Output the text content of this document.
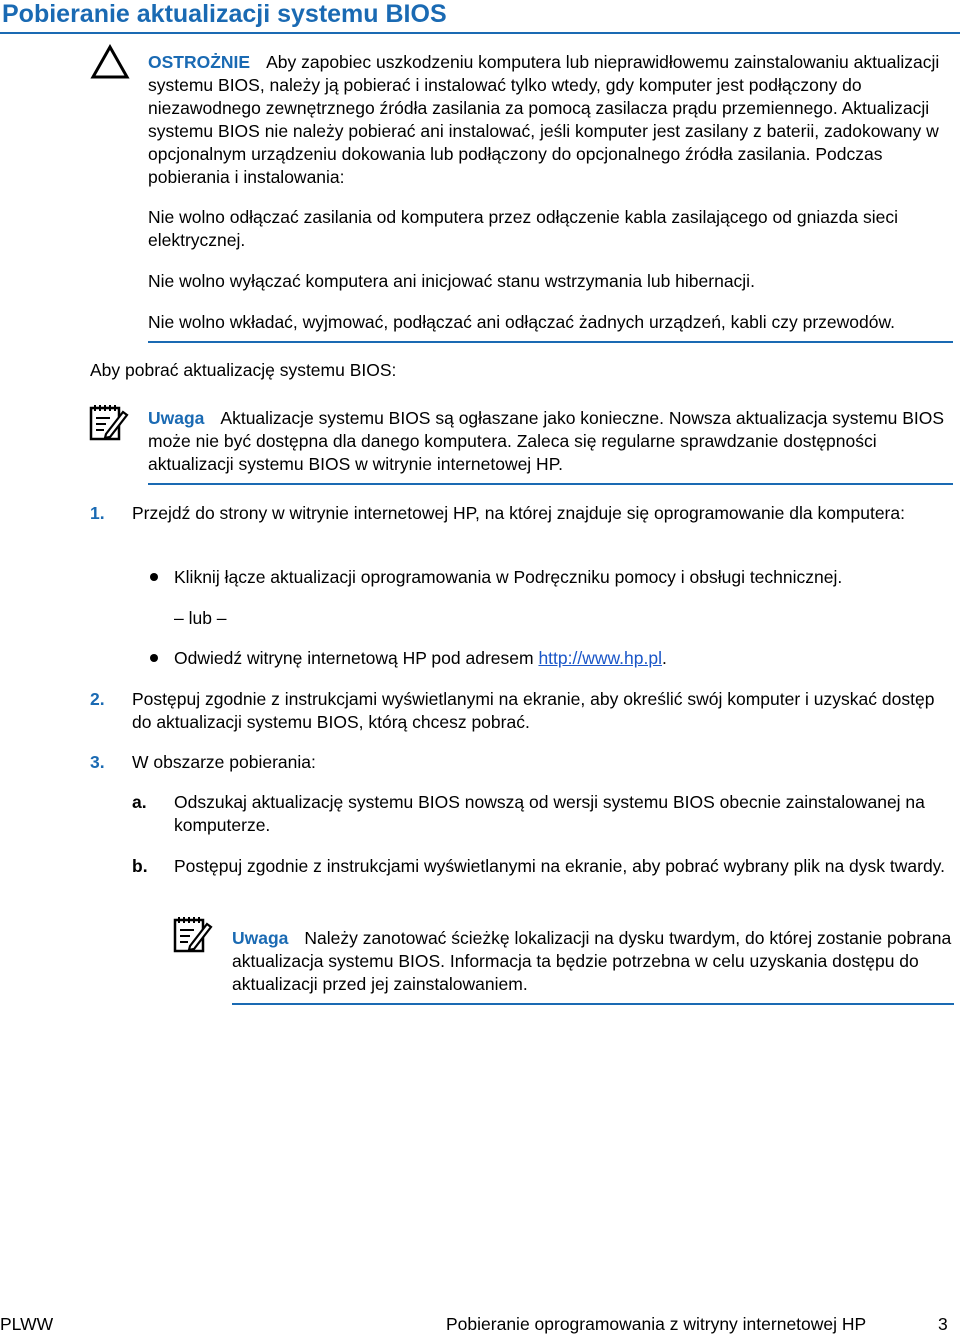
Pobieranie aktualizacji systemu BIOS
OSTROŻNIE Aby zapobiec uszkodzeniu komputera lub nieprawidłowemu zainstalowaniu aktualizacji systemu BIOS, należy ją pobierać i instalować tylko wtedy, gdy komputer jest podłączony do niezawodnego zewnętrznego źródła zasilania za pomocą zasilacza prądu przemiennego. Aktualizacji systemu BIOS nie należy pobierać ani instalować, jeśli komputer jest zasilany z baterii, zadokowany w opcjonalnym urządzeniu dokowania lub podłączony do opcjonalnego źródła zasilania. Podczas pobierania i instalowania:
Nie wolno odłączać zasilania od komputera przez odłączenie kabla zasilającego od gniazda sieci elektrycznej.
Nie wolno wyłączać komputera ani inicjować stanu wstrzymania lub hibernacji.
Nie wolno wkładać, wyjmować, podłączać ani odłączać żadnych urządzeń, kabli czy przewodów.
Aby pobrać aktualizację systemu BIOS:
Uwaga Aktualizacje systemu BIOS są ogłaszane jako konieczne. Nowsza aktualizacja systemu BIOS może nie być dostępna dla danego komputera. Zaleca się regularne sprawdzanie dostępności aktualizacji systemu BIOS w witrynie internetowej HP.
1.	Przejdź do strony w witrynie internetowej HP, na której znajduje się oprogramowanie dla komputera:
Kliknij łącze aktualizacji oprogramowania w Podręczniku pomocy i obsługi technicznej.
– lub –
Odwiedź witrynę internetową HP pod adresem http://www.hp.pl.
2.	Postępuj zgodnie z instrukcjami wyświetlanymi na ekranie, aby określić swój komputer i uzyskać dostęp do aktualizacji systemu BIOS, którą chcesz pobrać.
3.	W obszarze pobierania:
a. Odszukaj aktualizację systemu BIOS nowszą od wersji systemu BIOS obecnie zainstalowanej na komputerze.
b. Postępuj zgodnie z instrukcjami wyświetlanymi na ekranie, aby pobrać wybrany plik na dysk twardy.
Uwaga Należy zanotować ścieżkę lokalizacji na dysku twardym, do której zostanie pobrana aktualizacja systemu BIOS. Informacja ta będzie potrzebna w celu uzyskania dostępu do aktualizacji przed jej zainstalowaniem.
PLWW	Pobieranie oprogramowania z witryny internetowej HP	3
